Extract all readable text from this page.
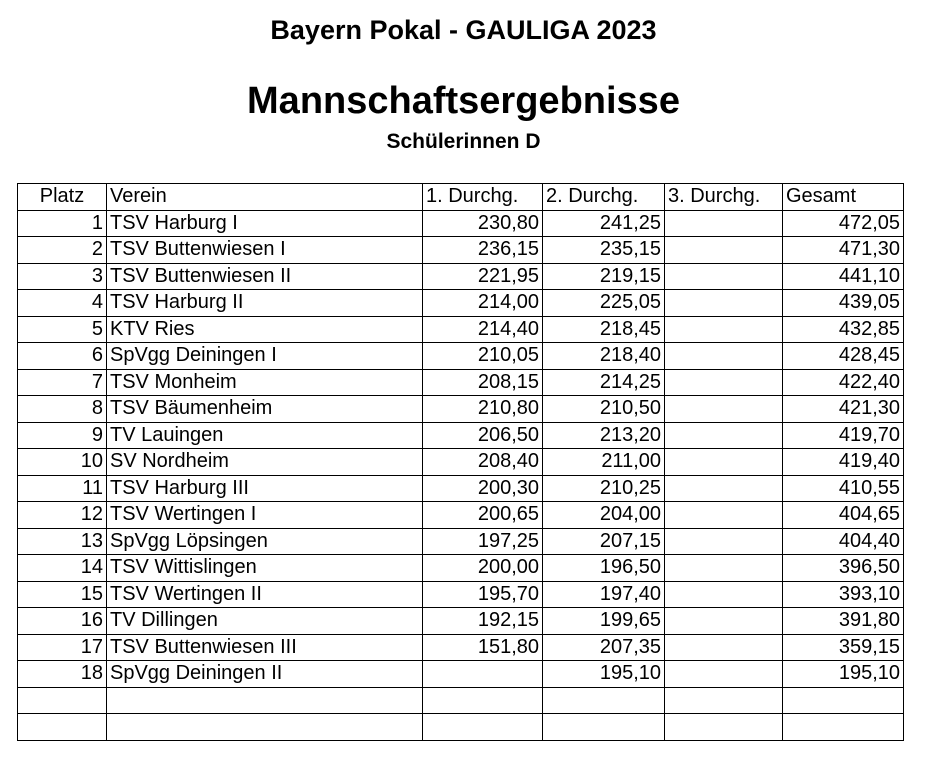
Bayern Pokal - GAULIGA 2023
Mannschaftsergebnisse
Schülerinnen D
Platz	Verein	1. Durchg.	2. Durchg.	3. Durchg.	Gesamt
1	TSV Harburg I	230,80	241,25		472,05
2	TSV Buttenwiesen I	236,15	235,15		471,30
3	TSV Buttenwiesen II	221,95	219,15		441,10
4	TSV Harburg II	214,00	225,05		439,05
5	KTV Ries	214,40	218,45		432,85
6	SpVgg Deiningen I	210,05	218,40		428,45
7	TSV Monheim	208,15	214,25		422,40
8	TSV Bäumenheim	210,80	210,50		421,30
9	TV Lauingen	206,50	213,20		419,70
10	SV Nordheim	208,40	211,00		419,40
11	TSV Harburg III	200,30	210,25		410,55
12	TSV Wertingen I	200,65	204,00		404,65
13	SpVgg Löpsingen	197,25	207,15		404,40
14	TSV Wittislingen	200,00	196,50		396,50
15	TSV Wertingen II	195,70	197,40		393,10
16	TV Dillingen	192,15	199,65		391,80
17	TSV Buttenwiesen III	151,80	207,35		359,15
18	SpVgg Deiningen II		195,10		195,10
